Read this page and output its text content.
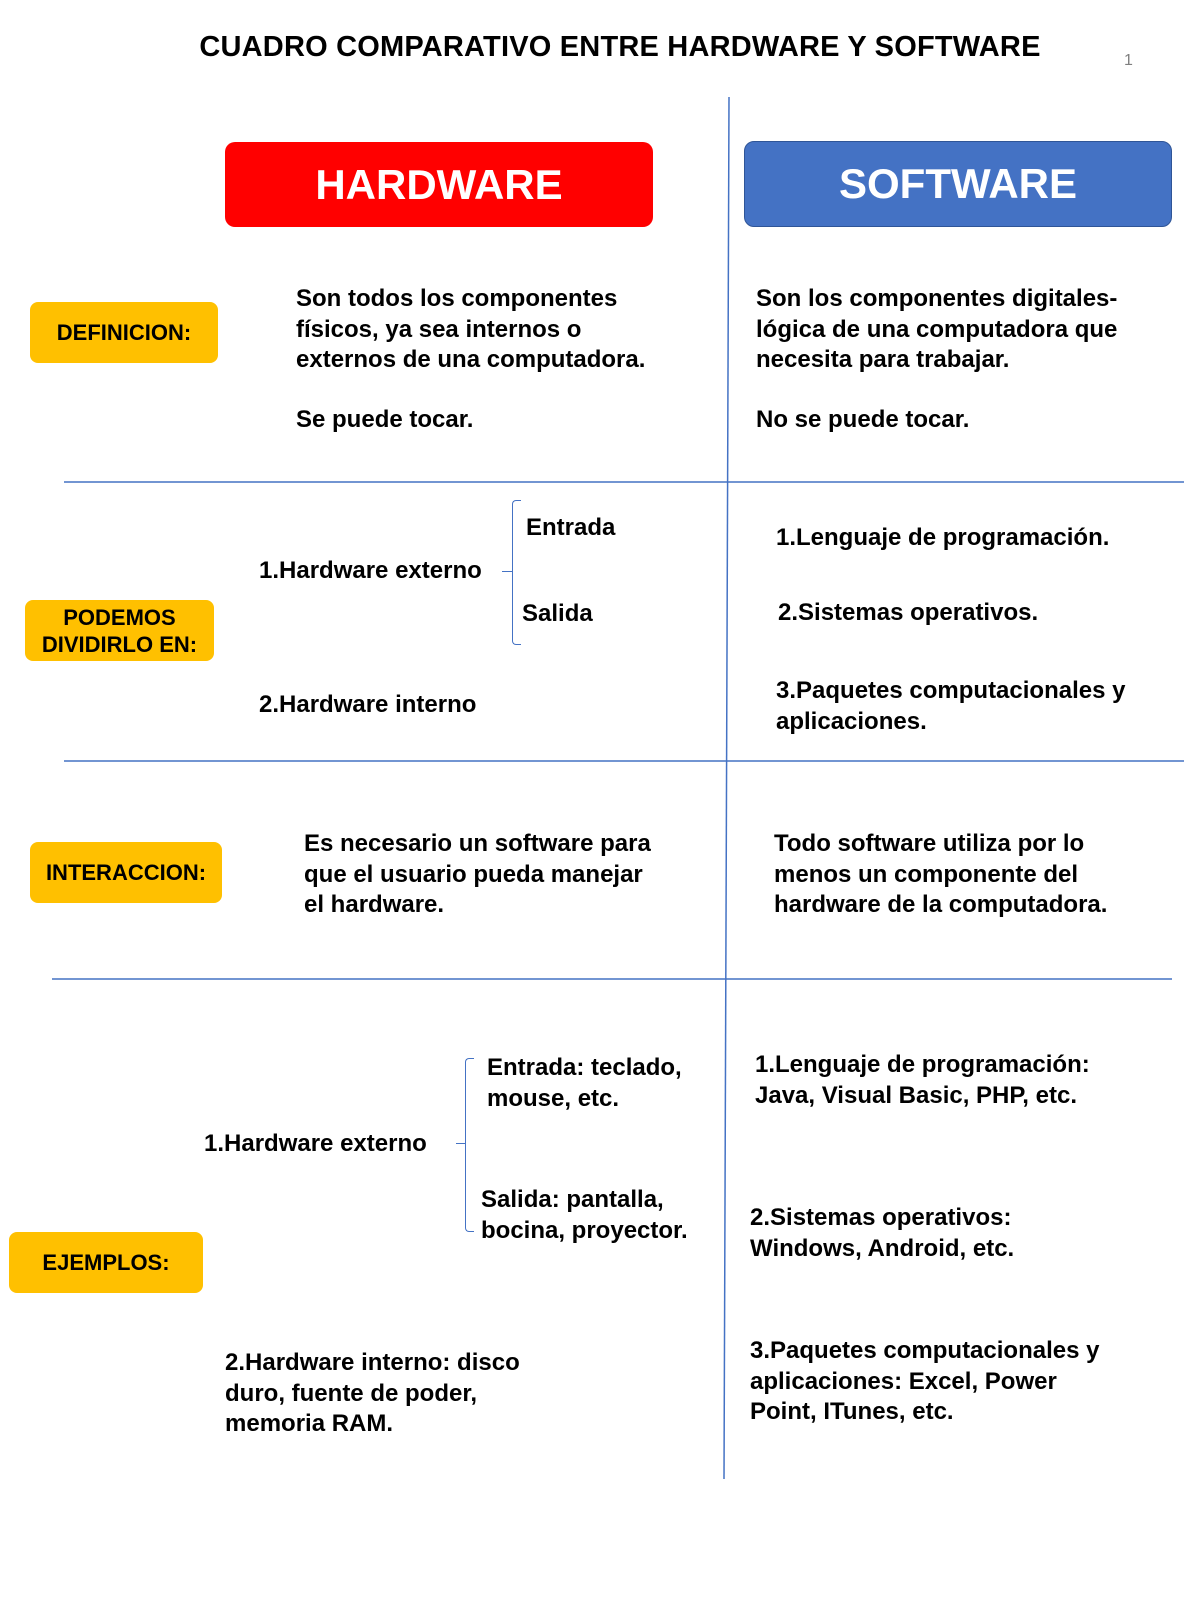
CUADRO COMPARATIVO ENTRE HARDWARE Y SOFTWARE	1
HARDWARE	SOFTWARE
DEFINICION:
Son todos los componentes
físicos, ya sea internos o
externos de una computadora.
Se puede tocar.
Son los componentes digitales-
lógica de una computadora que
necesita para trabajar.
No se puede tocar.
PODEMOS
DIVIDIRLO EN:
1.Hardware externo
Entrada
Salida
2.Hardware interno
1.Lenguaje de programación.
2.Sistemas operativos.
3.Paquetes computacionales y
aplicaciones.
INTERACCION:
Es necesario un software para
que el usuario pueda manejar
el hardware.
Todo software utiliza por lo
menos un componente del
hardware de la computadora.
EJEMPLOS:
1.Hardware externo
Entrada: teclado,
mouse, etc.
Salida: pantalla,
bocina, proyector.
2.Hardware interno: disco
duro, fuente de poder,
memoria RAM.
1.Lenguaje de programación:
Java, Visual Basic, PHP, etc.
2.Sistemas operativos:
Windows, Android, etc.
3.Paquetes computacionales y
aplicaciones: Excel, Power
Point, ITunes, etc.
